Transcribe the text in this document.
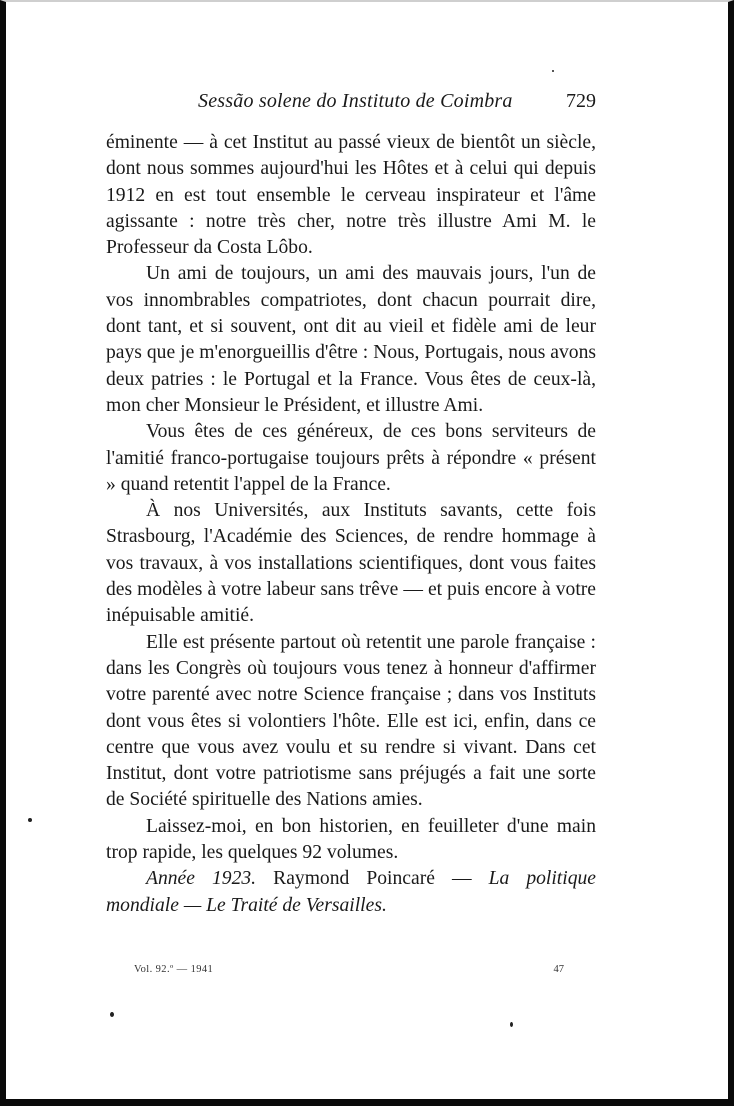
Sessão solene do Instituto de Coimbra	729

éminente — à cet Institut au passé vieux de bientôt un siècle, dont nous sommes aujourd'hui les Hôtes et à celui qui depuis 1912 en est tout ensemble le cerveau inspirateur et l'âme agissante : notre très cher, notre très illustre Ami M. le Professeur da Costa Lôbo.

Un ami de toujours, un ami des mauvais jours, l'un de vos innombrables compatriotes, dont chacun pourrait dire, dont tant, et si souvent, ont dit au vieil et fidèle ami de leur pays que je m'enorgueillis d'être : Nous, Portugais, nous avons deux patries : le Portugal et la France. Vous êtes de ceux-là, mon cher Monsieur le Président, et illustre Ami.

Vous êtes de ces généreux, de ces bons serviteurs de l'amitié franco-portugaise toujours prêts à répondre « présent » quand retentit l'appel de la France.

À nos Universités, aux Instituts savants, cette fois Strasbourg, l'Académie des Sciences, de rendre hommage à vos travaux, à vos installations scientifiques, dont vous faites des modèles à votre labeur sans trêve — et puis encore à votre inépuisable amitié.

Elle est présente partout où retentit une parole française : dans les Congrès où toujours vous tenez à honneur d'affirmer votre parenté avec notre Science française ; dans vos Instituts dont vous êtes si volontiers l'hôte. Elle est ici, enfin, dans ce centre que vous avez voulu et su rendre si vivant. Dans cet Institut, dont votre patriotisme sans préjugés a fait une sorte de Société spirituelle des Nations amies.

Laissez-moi, en bon historien, en feuilleter d'une main trop rapide, les quelques 92 volumes.

Année 1923. Raymond Poincaré — La politique mondiale — Le Traité de Versailles.

Vol. 92.º — 1941	47
